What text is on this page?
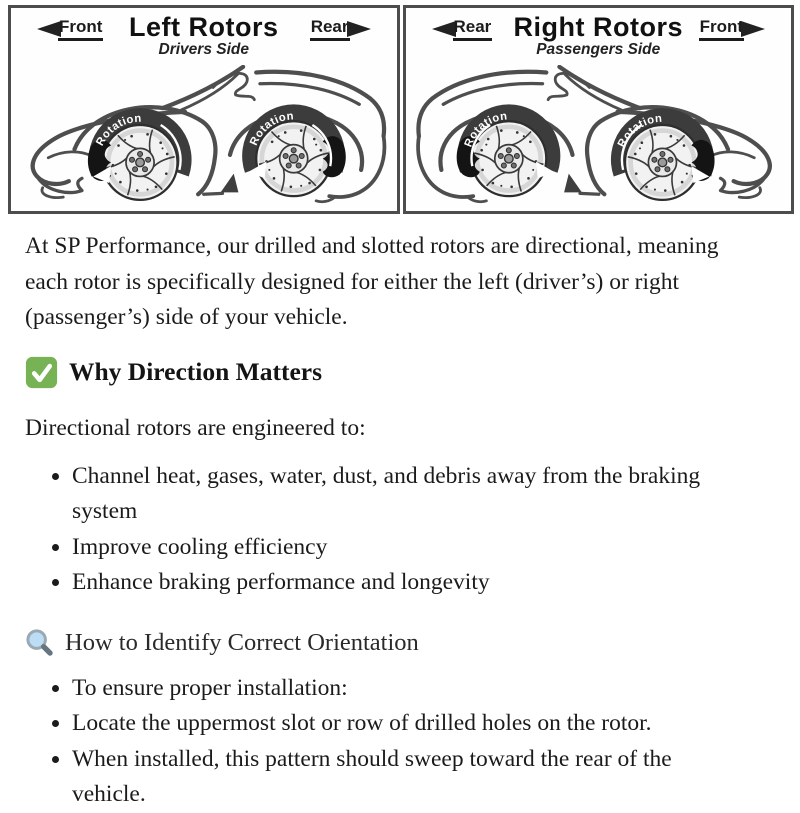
Front Left Rotors
Drivers Side
Rear
Rotation
Rotation
Rear Right Rotors
Passengers Side
Front
Rotation
Rotation

At SP Performance, our drilled and slotted rotors are directional, meaning each rotor is specifically designed for either the left (driver’s) or right (passenger’s) side of your vehicle.

Why Direction Matters

Directional rotors are engineered to:

• Channel heat, gases, water, dust, and debris away from the braking system
• Improve cooling efficiency
• Enhance braking performance and longevity
How to Identify Correct Orientation
• To ensure proper installation:
• Locate the uppermost slot or row of drilled holes on the rotor.
• When installed, this pattern should sweep toward the rear of the vehicle.
